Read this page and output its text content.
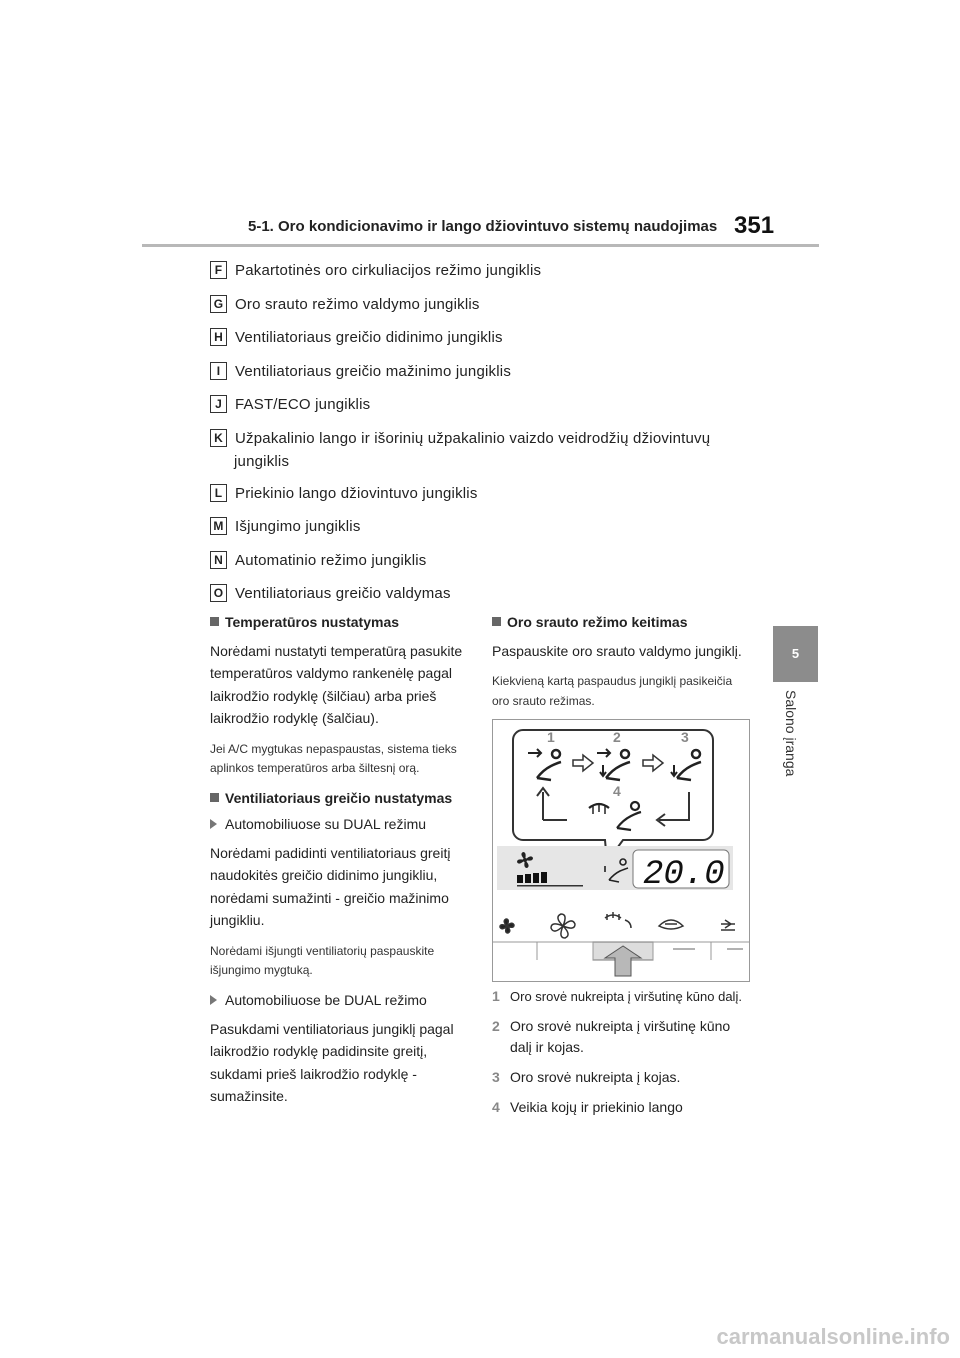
5-1. Oro kondicionavimo ir lango džiovintuvo sistemų naudojimas 351
5
Salono įranga
F Pakartotinės oro cirkuliacijos režimo jungiklis
G Oro srauto režimo valdymo jungiklis
H Ventiliatoriaus greičio didinimo jungiklis
I Ventiliatoriaus greičio mažinimo jungiklis
J FAST/ECO jungiklis
K Užpakalinio lango ir išorinių užpakalinio vaizdo veidrodžių džiovintuvų
jungiklis
L Priekinio lango džiovintuvo jungiklis
M Išjungimo jungiklis
N Automatinio režimo jungiklis
O Ventiliatoriaus greičio valdymas
Temperatūros nustatymas
Norėdami nustatyti temperatūrą pasukite temperatūros valdymo rankenėlę pagal laikrodžio rodyklę (šilčiau) arba prieš laikrodžio rodyklę (šalčiau).
Jei A/C mygtukas nepaspaustas, sistema tieks aplinkos temperatūros arba šiltesnį orą.
Ventiliatoriaus greičio nustatymas
Automobiliuose su DUAL režimu
Norėdami padidinti ventiliatoriaus greitį naudokitės greičio didinimo jungikliu, norėdami sumažinti - greičio mažinimo jungikliu.
Norėdami išjungti ventiliatorių paspauskite išjungimo mygtuką.
Automobiliuose be DUAL režimo
Pasukdami ventiliatoriaus jungiklį pagal laikrodžio rodyklę padidinsite greitį, sukdami prieš laikrodžio rodyklę - sumažinsite.
Oro srauto režimo keitimas
Paspauskite oro srauto valdymo jungiklį.
Kiekvieną kartą paspaudus jungiklį pasikeičia oro srauto režimas.
1	2	3
4
20.0
1 Oro srovė nukreipta į viršutinę kūno dalį.
2 Oro srovė nukreipta į viršutinę kūno dalį ir kojas.
3 Oro srovė nukreipta į kojas.
4 Veikia kojų ir priekinio lango
carmanualsonline.info
